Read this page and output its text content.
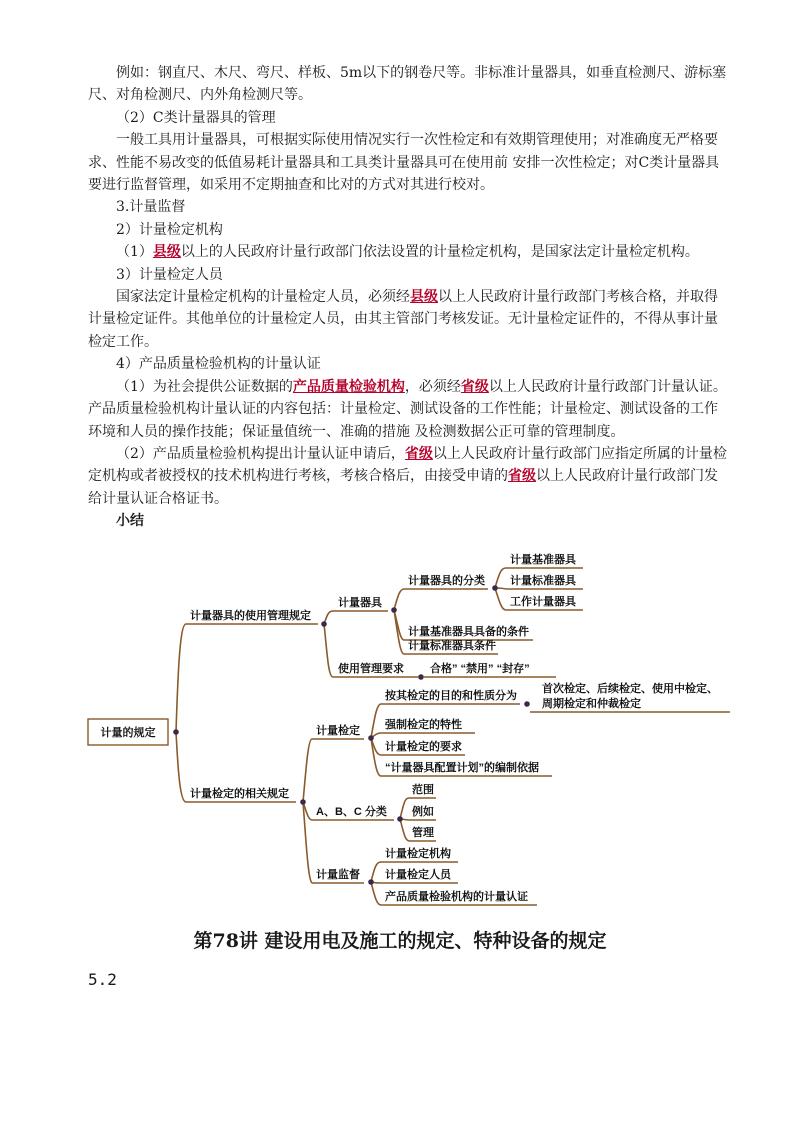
例如：钢直尺、木尺、弯尺、样板、5m以下的钢卷尺等。非标准计量器具，如垂直检测尺、游标塞尺、对角检测尺、内外角检测尺等。

（2）C类计量器具的管理

一般工具用计量器具，可根据实际使用情况实行一次性检定和有效期管理使用；对准确度无严格要求、性能不易改变的低值易耗计量器具和工具类计量器具可在使用前 安排一次性检定；对C类计量器具要进行监督管理，如采用不定期抽查和比对的方式对其进行校对。

3.计量监督

2）计量检定机构

（1）县级以上的人民政府计量行政部门依法设置的计量检定机构，是国家法定计量检定机构。

3）计量检定人员

国家法定计量检定机构的计量检定人员，必须经县级以上人民政府计量行政部门考核合格，并取得计量检定证件。其他单位的计量检定人员，由其主管部门考核发证。无计量检定证件的，不得从事计量检定工作。

4）产品质量检验机构的计量认证

（1）为社会提供公证数据的产品质量检验机构，必须经省级以上人民政府计量行政部门计量认证。产品质量检验机构计量认证的内容包括：计量检定、测试设备的工作性能；计量检定、测试设备的工作环境和人员的操作技能；保证量值统一、准确的措施 及检测数据公正可靠的管理制度。

（2）产品质量检验机构提出计量认证申请后，省级以上人民政府计量行政部门应指定所属的计量检定机构或者被授权的技术机构进行考核，考核合格后，由接受申请的省级以上人民政府计量行政部门发给计量认证合格证书。

小结

计量的规定
计量器具的使用管理规定
计量器具
计量器具的分类
计量基准器具
计量标准器具
工作计量器具
计量基准器具具备的条件
计量标准器具条件
使用管理要求 合格” “禁用” “封存”
计量检定的相关规定
计量检定
按其检定的目的和性质分为
首次检定、后续检定、使用中检定、
周期检定和仲裁检定
强制检定的特性
计量检定的要求
“计量器具配置计划”的编制依据
A、B、C 分类
范围
例如
管理
计量监督
计量检定机构
计量检定人员
产品质量检验机构的计量认证
第78讲 建设用电及施工的规定、特种设备的规定
5.2
